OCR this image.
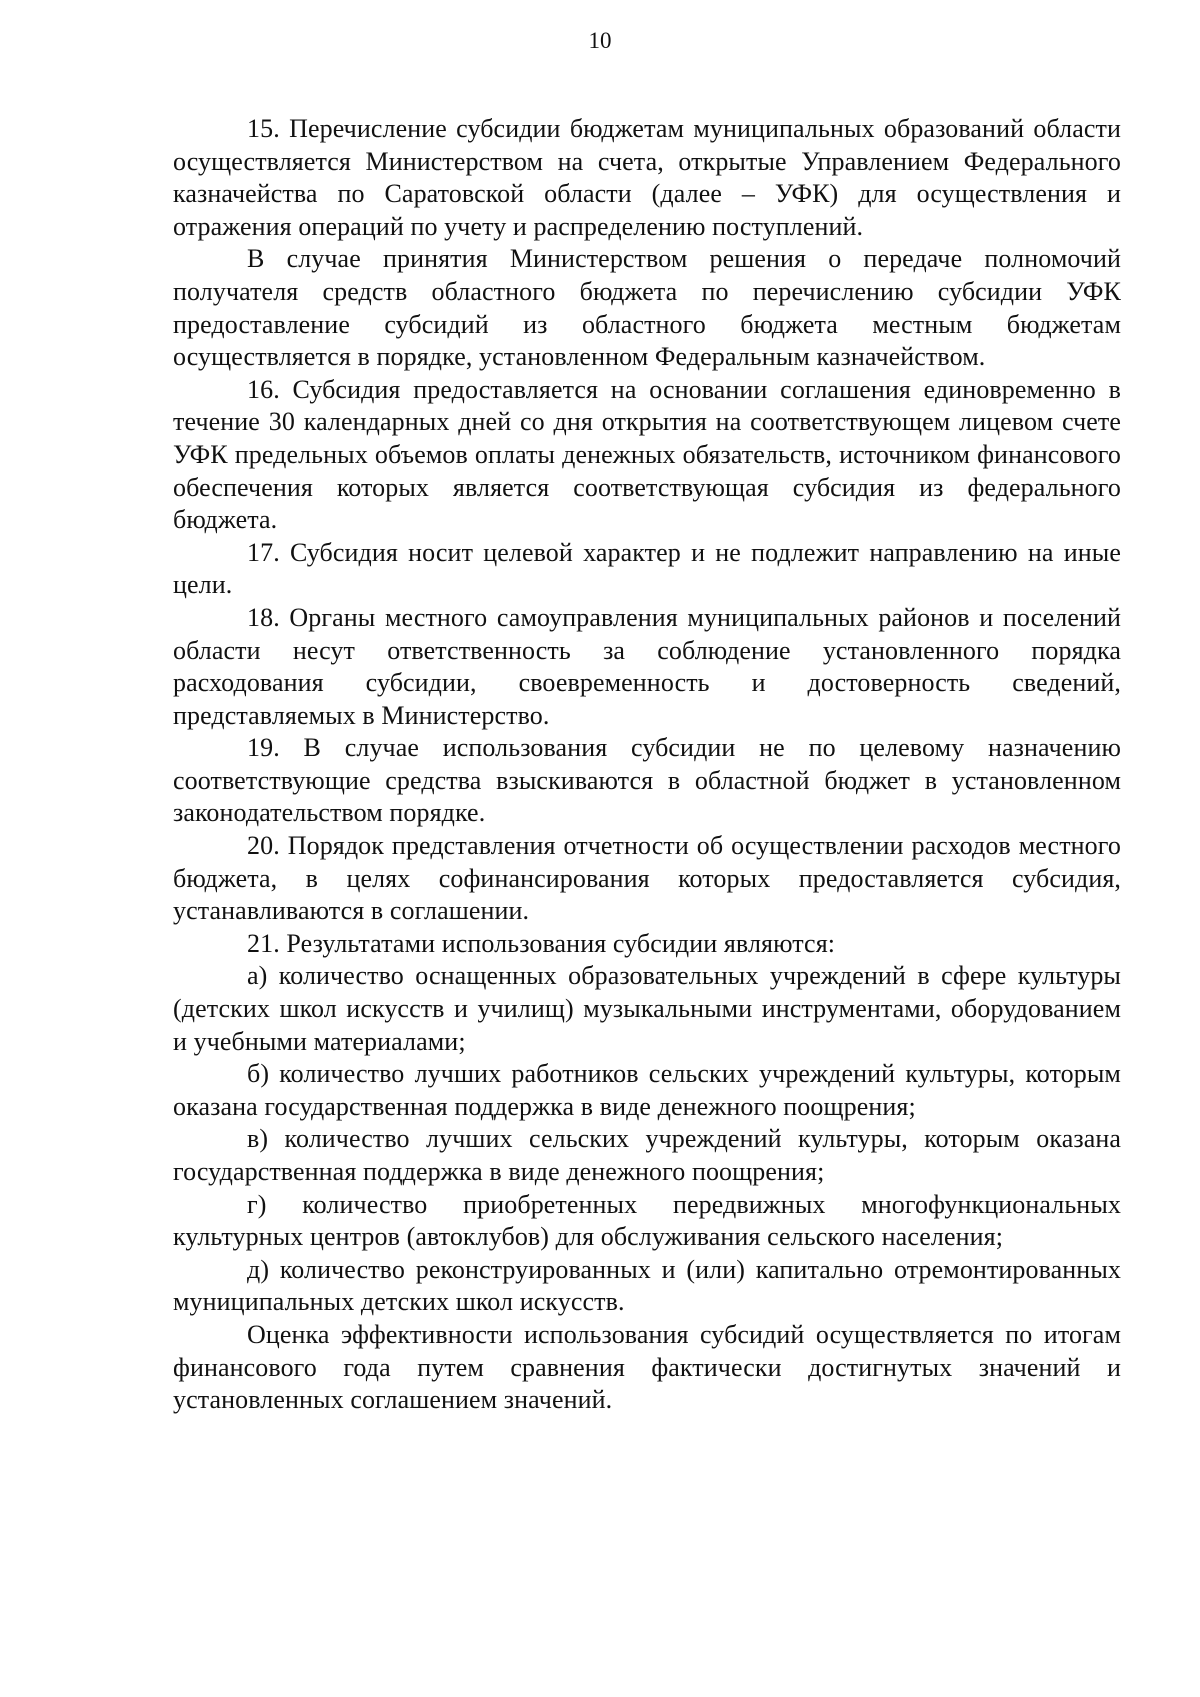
10

15. Перечисление субсидии бюджетам муниципальных образований области осуществляется Министерством на счета, открытые Управлением Федерального казначейства по Саратовской области (далее – УФК) для осуществления и отражения операций по учету и распределению поступлений.

В случае принятия Министерством решения о передаче полномочий получателя средств областного бюджета по перечислению субсидии УФК предоставление субсидий из областного бюджета местным бюджетам осуществляется в порядке, установленном Федеральным казначейством.

16. Субсидия предоставляется на основании соглашения единовременно в течение 30 календарных дней со дня открытия на соответствующем лицевом счете УФК предельных объемов оплаты денежных обязательств, источником финансового обеспечения которых является соответствующая субсидия из федерального бюджета.

17. Субсидия носит целевой характер и не подлежит направлению на иные цели.

18. Органы местного самоуправления муниципальных районов и поселений области несут ответственность за соблюдение установленного порядка расходования субсидии, своевременность и достоверность сведений, представляемых в Министерство.

19. В случае использования субсидии не по целевому назначению соответствующие средства взыскиваются в областной бюджет в установленном законодательством порядке.

20. Порядок представления отчетности об осуществлении расходов местного бюджета, в целях софинансирования которых предоставляется субсидия, устанавливаются в соглашении.

21. Результатами использования субсидии являются:

а) количество оснащенных образовательных учреждений в сфере культуры (детских школ искусств и училищ) музыкальными инструментами, оборудованием и учебными материалами;

б) количество лучших работников сельских учреждений культуры, которым оказана государственная поддержка в виде денежного поощрения;

в) количество лучших сельских учреждений культуры, которым оказана государственная поддержка в виде денежного поощрения;

г) количество приобретенных передвижных многофункциональных культурных центров (автоклубов) для обслуживания сельского населения;

д) количество реконструированных и (или) капитально отремонтированных муниципальных детских школ искусств.

Оценка эффективности использования субсидий осуществляется по итогам финансового года путем сравнения фактически достигнутых значений и установленных соглашением значений.
